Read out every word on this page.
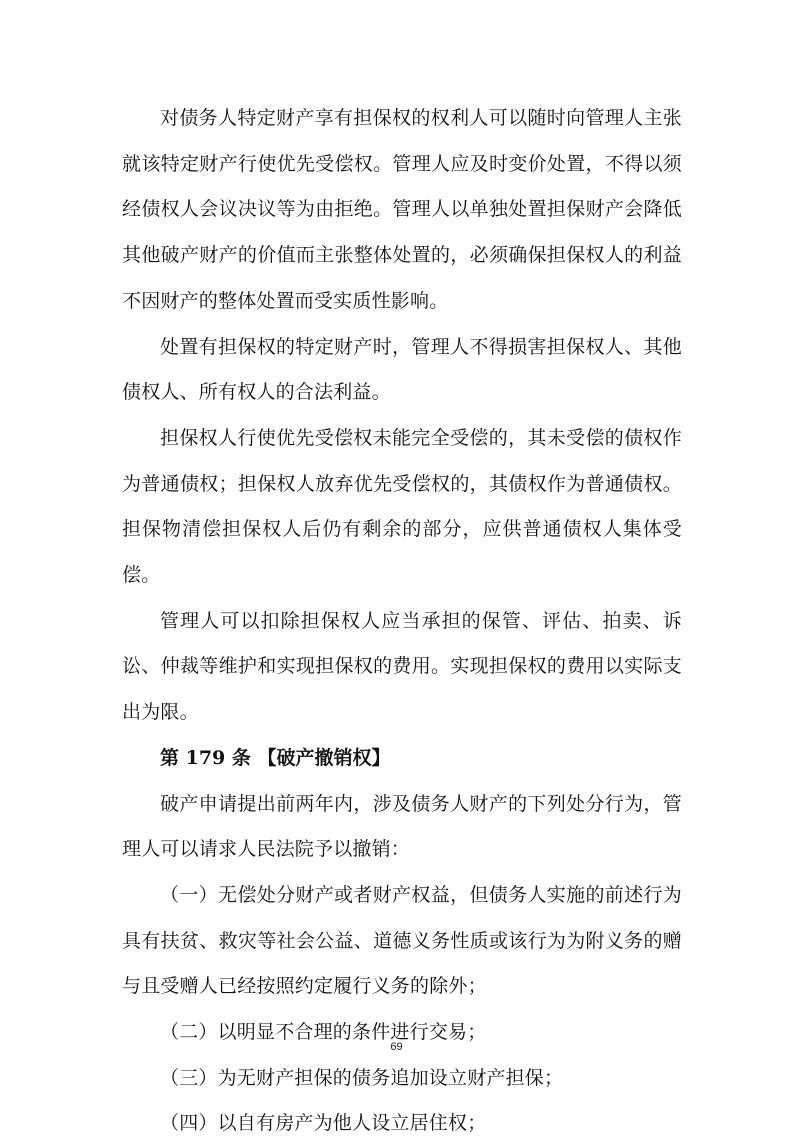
对债务人特定财产享有担保权的权利人可以随时向管理人主张就该特定财产行使优先受偿权。管理人应及时变价处置，不得以须经债权人会议决议等为由拒绝。管理人以单独处置担保财产会降低其他破产财产的价值而主张整体处置的，必须确保担保权人的利益不因财产的整体处置而受实质性影响。

处置有担保权的特定财产时，管理人不得损害担保权人、其他债权人、所有权人的合法利益。

担保权人行使优先受偿权未能完全受偿的，其未受偿的债权作为普通债权；担保权人放弃优先受偿权的，其债权作为普通债权。担保物清偿担保权人后仍有剩余的部分，应供普通债权人集体受偿。

管理人可以扣除担保权人应当承担的保管、评估、拍卖、诉讼、仲裁等维护和实现担保权的费用。实现担保权的费用以实际支出为限。

第 179 条 【破产撤销权】

破产申请提出前两年内，涉及债务人财产的下列处分行为，管理人可以请求人民法院予以撤销：

（一）无偿处分财产或者财产权益，但债务人实施的前述行为具有扶贫、救灾等社会公益、道德义务性质或该行为为附义务的赠与且受赠人已经按照约定履行义务的除外；

（二）以明显不合理的条件进行交易；

（三）为无财产担保的债务追加设立财产担保；

（四）以自有房产为他人设立居住权；

69
